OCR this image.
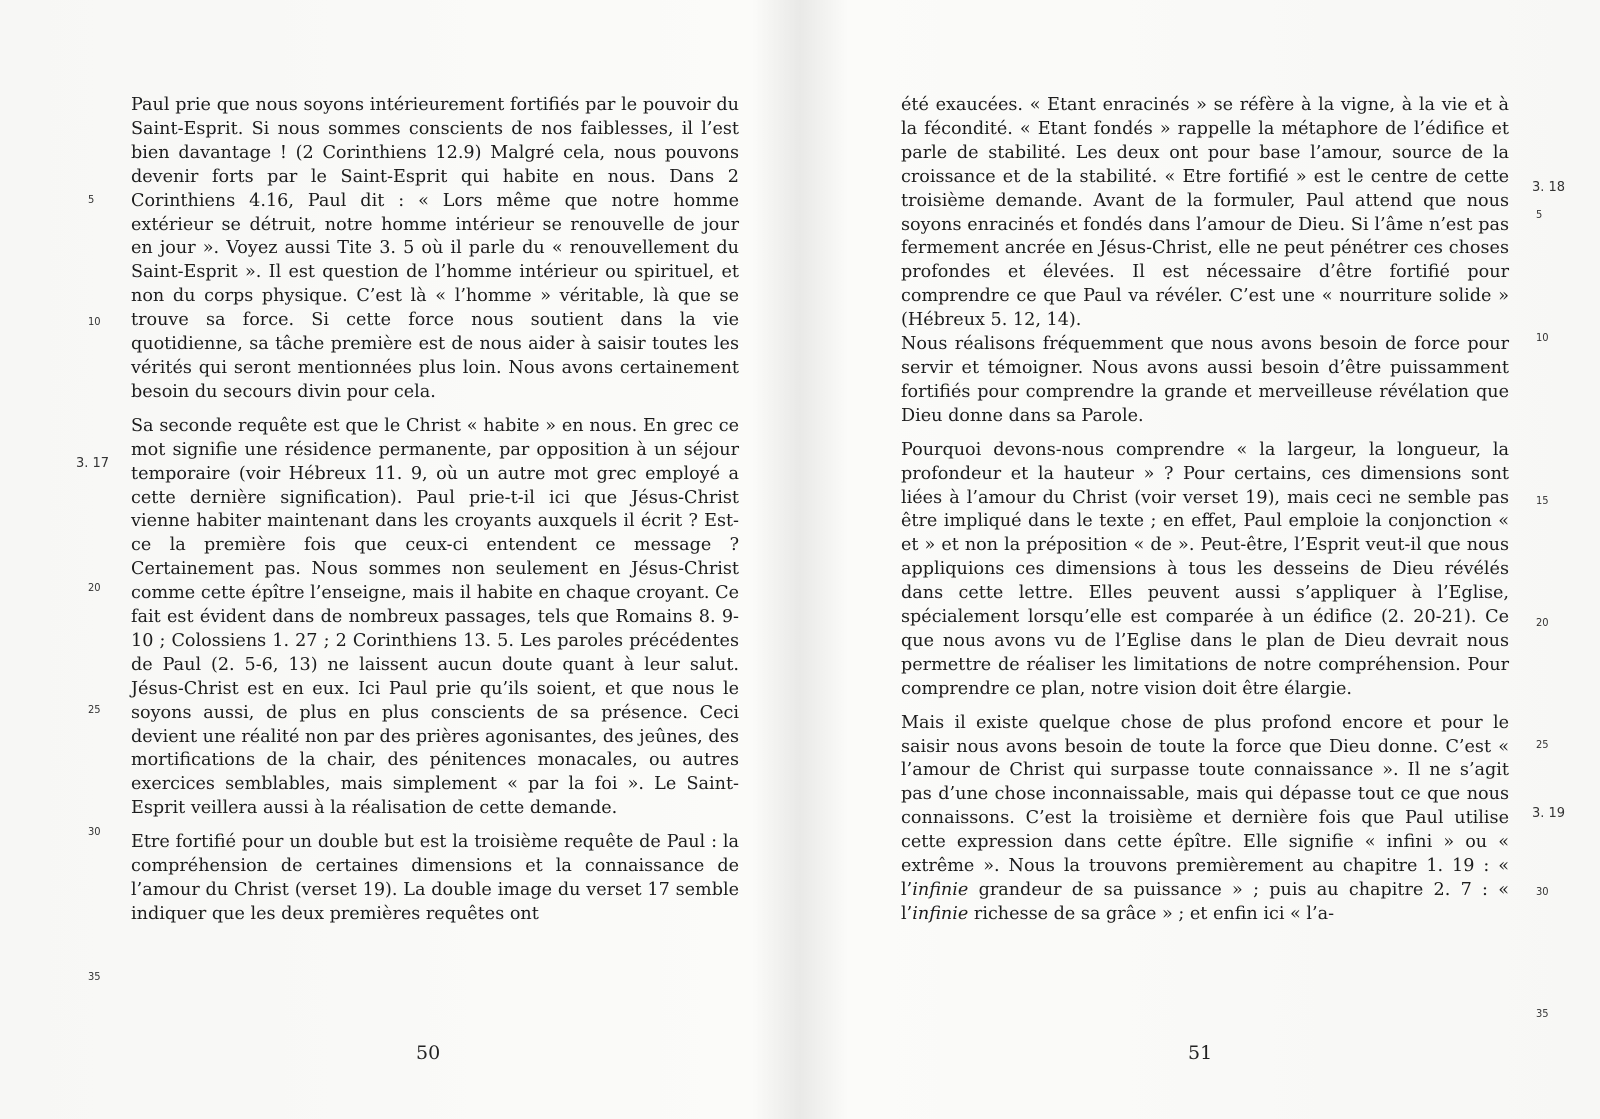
Paul prie que nous soyons intérieurement fortifiés par le pouvoir du Saint-Esprit. Si nous sommes conscients de nos faiblesses, il l’est bien davantage ! (2 Corinthiens 12.9) Malgré cela, nous pouvons devenir forts par le Saint-Esprit qui habite en nous. Dans 2 Corinthiens 4.16, Paul dit : « Lors même que notre homme extérieur se détruit, notre homme intérieur se renouvelle de jour en jour ». Voyez aussi Tite 3. 5 où il parle du « renouvellement du Saint-Esprit ». Il est question de l’homme intérieur ou spirituel, et non du corps physique. C’est là « l’homme » véritable, là que se trouve sa force. Si cette force nous soutient dans la vie quotidienne, sa tâche première est de nous aider à saisir toutes les vérités qui seront mentionnées plus loin. Nous avons certainement besoin du secours divin pour cela.

Sa seconde requête est que le Christ « habite » en nous. En grec ce mot signifie une résidence permanente, par opposition à un séjour temporaire (voir Hébreux 11. 9, où un autre mot grec employé a cette dernière signification). Paul prie-t-il ici que Jésus-Christ vienne habiter maintenant dans les croyants auxquels il écrit ? Est-ce la première fois que ceux-ci entendent ce message ? Certainement pas. Nous sommes non seulement en Jésus-Christ comme cette épître l’enseigne, mais il habite en chaque croyant. Ce fait est évident dans de nombreux passages, tels que Romains 8. 9-10 ; Colossiens 1. 27 ; 2 Corinthiens 13. 5. Les paroles précédentes de Paul (2. 5-6, 13) ne laissent aucun doute quant à leur salut. Jésus-Christ est en eux. Ici Paul prie qu’ils soient, et que nous le soyons aussi, de plus en plus conscients de sa présence. Ceci devient une réalité non par des prières agonisantes, des jeûnes, des mortifications de la chair, des pénitences monacales, ou autres exercices semblables, mais simplement « par la foi ». Le Saint-Esprit veillera aussi à la réalisation de cette demande.

Etre fortifié pour un double but est la troisième requête de Paul : la compréhension de certaines dimensions et la connaissance de l’amour du Christ (verset 19). La double image du verset 17 semble indiquer que les deux premières requêtes ont

5
10
3. 17
20
25
30
35
50

été exaucées. « Etant enracinés » se réfère à la vigne, à la vie et à la fécondité. « Etant fondés » rappelle la métaphore de l’édifice et parle de stabilité. Les deux ont pour base l’amour, source de la croissance et de la stabilité. « Etre fortifié » est le centre de cette troisième demande. Avant de la formuler, Paul attend que nous soyons enracinés et fondés dans l’amour de Dieu. Si l’âme n’est pas fermement ancrée en Jésus-Christ, elle ne peut pénétrer ces choses profondes et élevées. Il est nécessaire d’être fortifié pour comprendre ce que Paul va révéler. C’est une « nourriture solide » (Hébreux 5. 12, 14).

Nous réalisons fréquemment que nous avons besoin de force pour servir et témoigner. Nous avons aussi besoin d’être puissamment fortifiés pour comprendre la grande et merveilleuse révélation que Dieu donne dans sa Parole.

Pourquoi devons-nous comprendre « la largeur, la longueur, la profondeur et la hauteur » ? Pour certains, ces dimensions sont liées à l’amour du Christ (voir verset 19), mais ceci ne semble pas être impliqué dans le texte ; en effet, Paul emploie la conjonction « et » et non la préposition « de ». Peut-être, l’Esprit veut-il que nous appliquions ces dimensions à tous les desseins de Dieu révélés dans cette lettre. Elles peuvent aussi s’appliquer à l’Eglise, spécialement lorsqu’elle est comparée à un édifice (2. 20-21). Ce que nous avons vu de l’Eglise dans le plan de Dieu devrait nous permettre de réaliser les limitations de notre compréhension. Pour comprendre ce plan, notre vision doit être élargie.

Mais il existe quelque chose de plus profond encore et pour le saisir nous avons besoin de toute la force que Dieu donne. C’est « l’amour de Christ qui surpasse toute connaissance ». Il ne s’agit pas d’une chose inconnaissable, mais qui dépasse tout ce que nous connaissons. C’est la troisième et dernière fois que Paul utilise cette expression dans cette épître. Elle signifie « infini » ou « extrême ». Nous la trouvons premièrement au chapitre 1. 19 : « l’infinie grandeur de sa puissance » ; puis au chapitre 2. 7 : « l’infinie richesse de sa grâce » ; et enfin ici « l’a-

3. 18
5
10
15
20
25
3. 19
30
35
51
